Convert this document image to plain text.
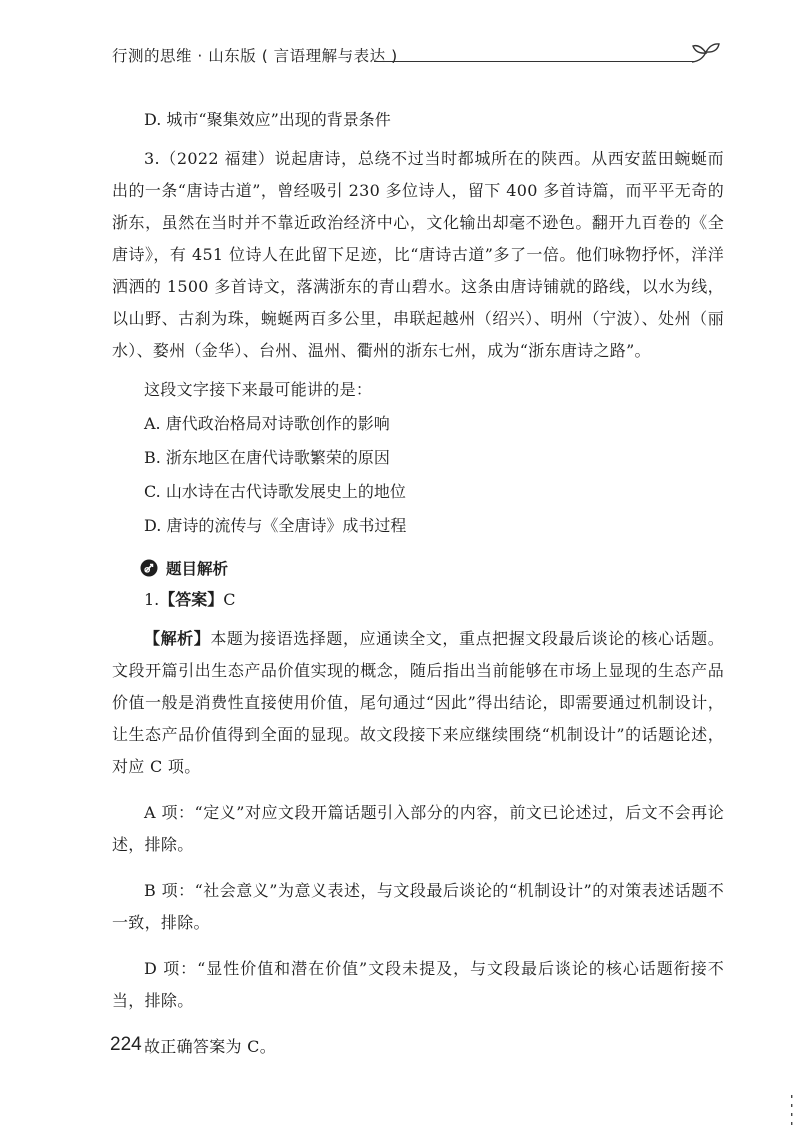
行测的思维 · 山东版 ( 言语理解与表达 )
D. 城市“聚集效应”出现的背景条件

3.（2022 福建）说起唐诗，总绕不过当时都城所在的陕西。从西安蓝田蜿蜒而出的一条“唐诗古道”，曾经吸引 230 多位诗人，留下 400 多首诗篇，而平平无奇的浙东，虽然在当时并不靠近政治经济中心，文化输出却毫不逊色。翻开九百卷的《全唐诗》，有 451 位诗人在此留下足迹，比“唐诗古道”多了一倍。他们咏物抒怀，洋洋洒洒的 1500 多首诗文，落满浙东的青山碧水。这条由唐诗铺就的路线，以水为线，以山野、古刹为珠，蜿蜒两百多公里，串联起越州（绍兴）、明州（宁波）、处州（丽水）、婺州（金华）、台州、温州、衢州的浙东七州，成为“浙东唐诗之路”。

这段文字接下来最可能讲的是：

A. 唐代政治格局对诗歌创作的影响
B. 浙东地区在唐代诗歌繁荣的原因
C. 山水诗在古代诗歌发展史上的地位
D. 唐诗的流传与《全唐诗》成书过程
题目解析
1.【答案】C

【解析】本题为接语选择题，应通读全文，重点把握文段最后谈论的核心话题。文段开篇引出生态产品价值实现的概念，随后指出当前能够在市场上显现的生态产品价值一般是消费性直接使用价值，尾句通过“因此”得出结论，即需要通过机制设计，让生态产品价值得到全面的显现。故文段接下来应继续围绕“机制设计”的话题论述，对应 C 项。

A 项：“定义”对应文段开篇话题引入部分的内容，前文已论述过，后文不会再论述，排除。

B 项：“社会意义”为意义表述，与文段最后谈论的“机制设计”的对策表述话题不一致，排除。

D 项：“显性价值和潜在价值”文段未提及，与文段最后谈论的核心话题衔接不当，排除。

故正确答案为 C。

224
